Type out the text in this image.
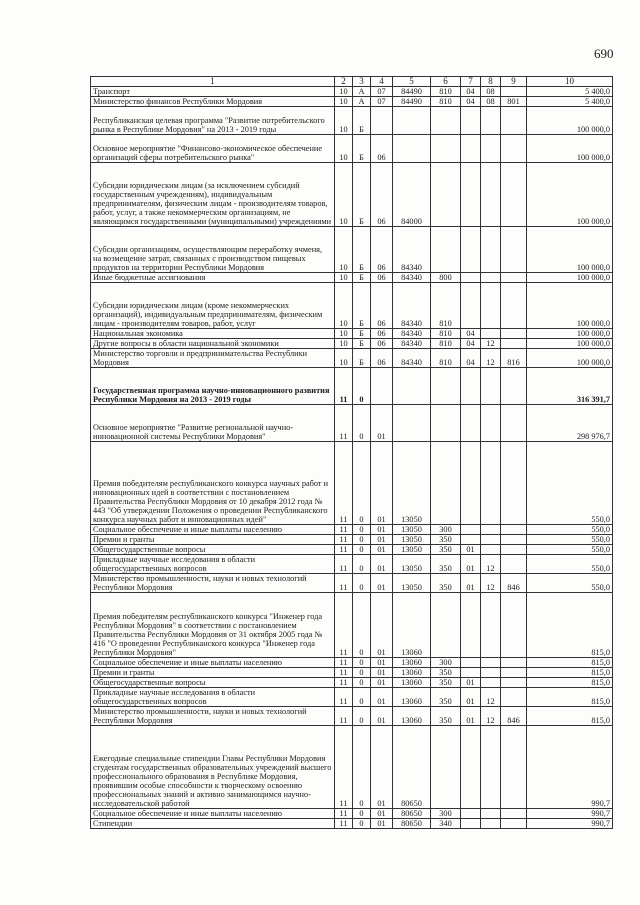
690
1	2	3	4	5	6	7	8	9	10
Транспорт	10	А	07	84490	810	04	08		5 400,0
Министерство финансов Республики Мордовия	10	А	07	84490	810	04	08	801	5 400,0
Республиканская целевая программа "Развитие потребительского рынка в Республике Мордовия" на 2013 - 2019 годы	10	Б							100 000,0
Основное мероприятие "Финансово-экономическое обеспечение организаций сферы потребительского рынка"	10	Б	06						100 000,0
Субсидии юридическим лицам (за исключением субсидий государственным учреждениям), индивидуальным предпринимателям, физическим лицам - производителям товаров, работ, услуг, а также некоммерческим организациям, не являющимся государственными (муниципальными) учреждениями	10	Б	06	84000					100 000,0
Субсидии организациям, осуществляющим переработку ячменя, на возмещение затрат, связанных с производством пищевых продуктов на территории Республики Мордовия	10	Б	06	84340					100 000,0
Иные бюджетные ассигнования	10	Б	06	84340	800				100 000,0
Субсидии юридическим лицам (кроме некоммерческих организаций), индивидуальным предпринимателям, физическим лицам - производителям товаров, работ, услуг	10	Б	06	84340	810				100 000,0
Национальная экономика	10	Б	06	84340	810	04			100 000,0
Другие вопросы в области национальной экономики	10	Б	06	84340	810	04	12		100 000,0
Министерство торговли и предпринимательства Республики Мордовия	10	Б	06	84340	810	04	12	816	100 000,0
Государственная программа научно-инновационного развития Республики Мордовия на 2013 - 2019 годы	11	0							316 391,7
Основное мероприятие "Развитие региональной научно-инновационной системы Республики Мордовия"	11	0	01						298 976,7
Премия победителям республиканского конкурса научных работ и инновационных идей в соответствии с постановлением Правительства Республики Мордовия от 10 декабря 2012 года № 443 "Об утверждении Положения о проведении Республиканского конкурса научных работ и инновационных идей"	11	0	01	13050					550,0
Социальное обеспечение и иные выплаты населению	11	0	01	13050	300				550,0
Премии и гранты	11	0	01	13050	350				550,0
Общегосударственные вопросы	11	0	01	13050	350	01			550,0
Прикладные научные исследования в области общегосударственных вопросов	11	0	01	13050	350	01	12		550,0
Министерство промышленности, науки и новых технологий Республики Мордовия	11	0	01	13050	350	01	12	846	550,0
Премия победителям республиканского конкурса "Инженер года Республики Мордовия" в соответствии с постановлением Правительства Республики Мордовия от 31 октября 2005 года № 416 "О проведении Республиканского конкурса "Инженер года Республики Мордовия"	11	0	01	13060					815,0
Социальное обеспечение и иные выплаты населению	11	0	01	13060	300				815,0
Премии и гранты	11	0	01	13060	350				815,0
Общегосударственные вопросы	11	0	01	13060	350	01			815,0
Прикладные научные исследования в области общегосударственных вопросов	11	0	01	13060	350	01	12		815,0
Министерство промышленности, науки и новых технологий Республики Мордовия	11	0	01	13060	350	01	12	846	815,0
Ежегодные специальные стипендии Главы Республики Мордовия студентам государственных образовательных учреждений высшего профессионального образования в Республике Мордовия, проявившим особые способности к творческому освоению профессиональных знаний и активно занимающимся научно-исследовательской работой	11	0	01	80650					990,7
Социальное обеспечение и иные выплаты населению	11	0	01	80650	300				990,7
Стипендии	11	0	01	80650	340				990,7
